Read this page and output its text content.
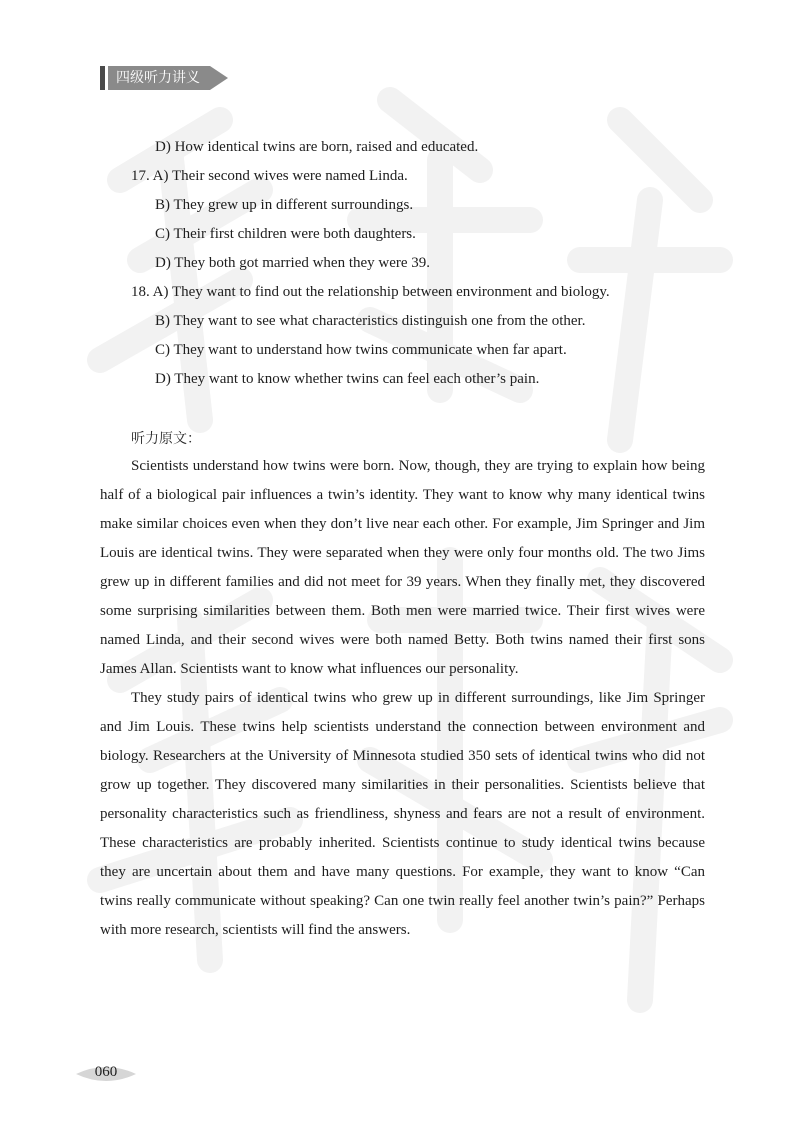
四级听力讲义
D) How identical twins are born, raised and educated.
17. A) Their second wives were named Linda.
B) They grew up in different surroundings.
C) Their first children were both daughters.
D) They both got married when they were 39.
18. A) They want to find out the relationship between environment and biology.
B) They want to see what characteristics distinguish one from the other.
C) They want to understand how twins communicate when far apart.
D) They want to know whether twins can feel each other’s pain.
听力原文：

Scientists understand how twins were born. Now, though, they are trying to explain how being half of a biological pair influences a twin’s identity. They want to know why many identical twins make similar choices even when they don’t live near each other. For example, Jim Springer and Jim Louis are identical twins. They were separated when they were only four months old. The two Jims grew up in different families and did not meet for 39 years. When they finally met, they discovered some surprising similarities between them. Both men were married twice. Their first wives were named Linda, and their second wives were both named Betty. Both twins named their first sons James Allan. Scientists want to know what influences our personality.

They study pairs of identical twins who grew up in different surroundings, like Jim Springer and Jim Louis. These twins help scientists understand the connection between environment and biology. Researchers at the University of Minnesota studied 350 sets of identical twins who did not grow up together. They discovered many similarities in their personalities. Scientists believe that personality characteristics such as friendliness, shyness and fears are not a result of environment. These characteristics are probably inherited. Scientists continue to study identical twins because they are uncertain about them and have many questions. For example, they want to know “Can twins really communicate without speaking? Can one twin really feel another twin’s pain?” Perhaps with more research, scientists will find the answers.

060
